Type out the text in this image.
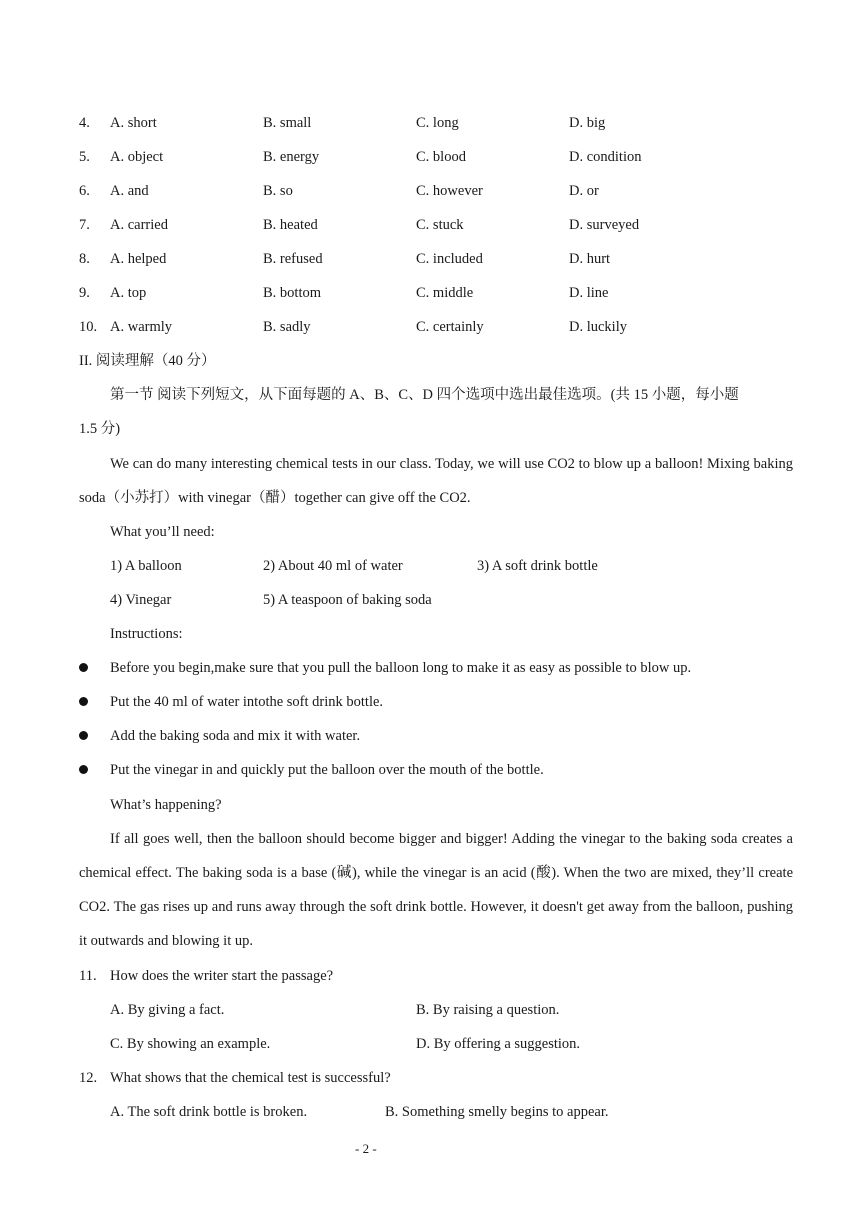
4. A. short	B. small	C. long	D. big
5. A. object	B. energy	C. blood	D. condition
6. A. and	B. so	C. however	D. or
7. A. carried	B. heated	C. stuck	D. surveyed
8. A. helped	B. refused	C. included	D. hurt
9. A. top	B. bottom	C. middle	D. line
10. A. warmly	B. sadly	C. certainly	D. luckily
II. 阅读理解（40 分）
第一节 阅读下列短文，从下面每题的 A、B、C、D 四个选项中选出最佳选项。(共 15 小题，每小题
1.5 分)
We can do many interesting chemical tests in our class. Today, we will use CO2 to blow up a balloon! Mixing baking soda（小苏打）with vinegar（醋）together can give off the CO2.
What you’ll need:
1) A balloon	2) About 40 ml of water	3) A soft drink bottle
4) Vinegar	5) A teaspoon of baking soda
Instructions:
Before you begin,make sure that you pull the balloon long to make it as easy as possible to blow up.
Put the 40 ml of water intothe soft drink bottle.
Add the baking soda and mix it with water.
Put the vinegar in and quickly put the balloon over the mouth of the bottle.
What’s happening?
If all goes well, then the balloon should become bigger and bigger! Adding the vinegar to the baking soda creates a chemical effect. The baking soda is a base (碱), while the vinegar is an acid (酸). When the two are mixed, they’ll create CO2. The gas rises up and runs away through the soft drink bottle. However, it doesn't get away from the balloon, pushing it outwards and blowing it up.
11. How does the writer start the passage?
A. By giving a fact.	B. By raising a question.
C. By showing an example.	D. By offering a suggestion.
12. What shows that the chemical test is successful?
A. The soft drink bottle is broken.	B. Something smelly begins to appear.
- 2 -
